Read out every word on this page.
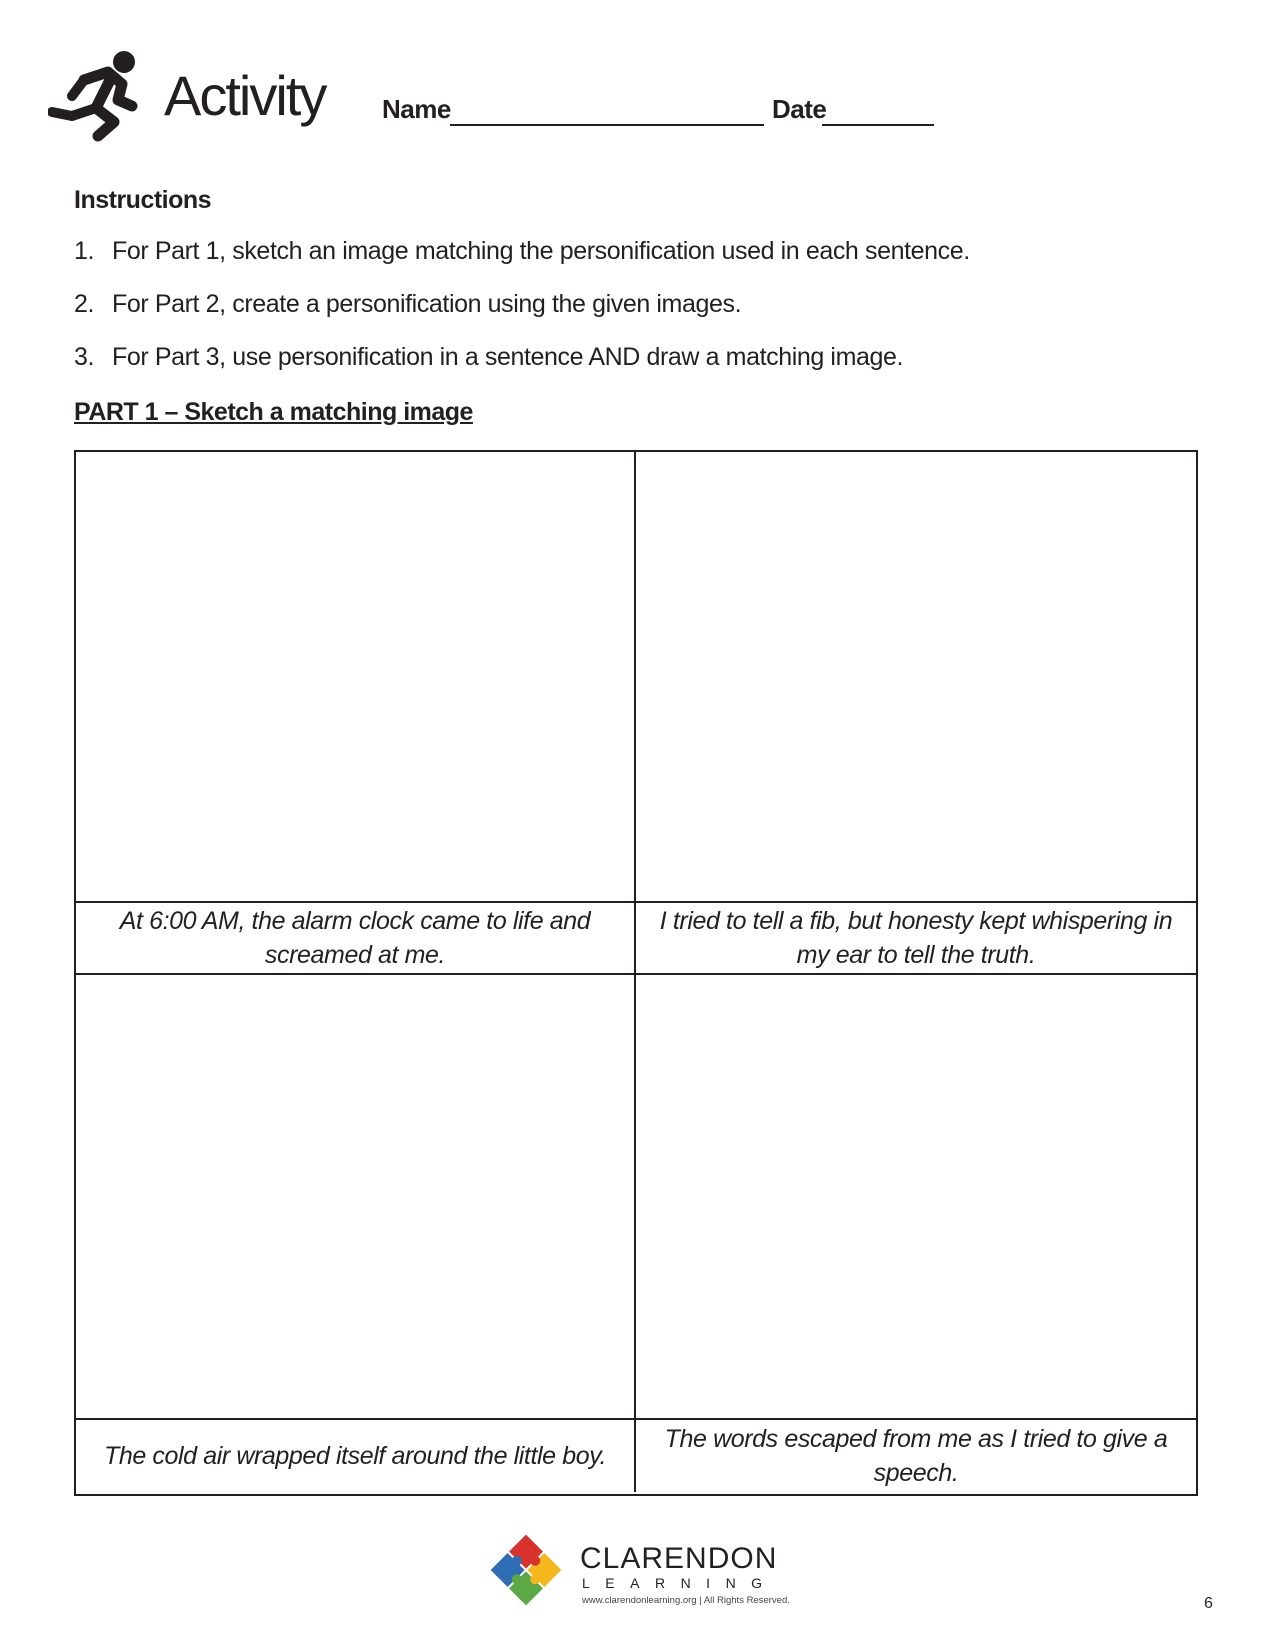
Activity Name	Date
Instructions
1. For Part 1, sketch an image matching the personification used in each sentence.
2. For Part 2, create a personification using the given images.
3. For Part 3, use personification in a sentence AND draw a matching image.
PART 1 – Sketch a matching image
At 6:00 AM, the alarm clock came to life and screamed at me.
I tried to tell a fib, but honesty kept whispering in my ear to tell the truth.
The cold air wrapped itself around the little boy.
The words escaped from me as I tried to give a speech.
CLARENDON
LEARNING
www.clarendonlearning.org | All Rights Reserved.	6
